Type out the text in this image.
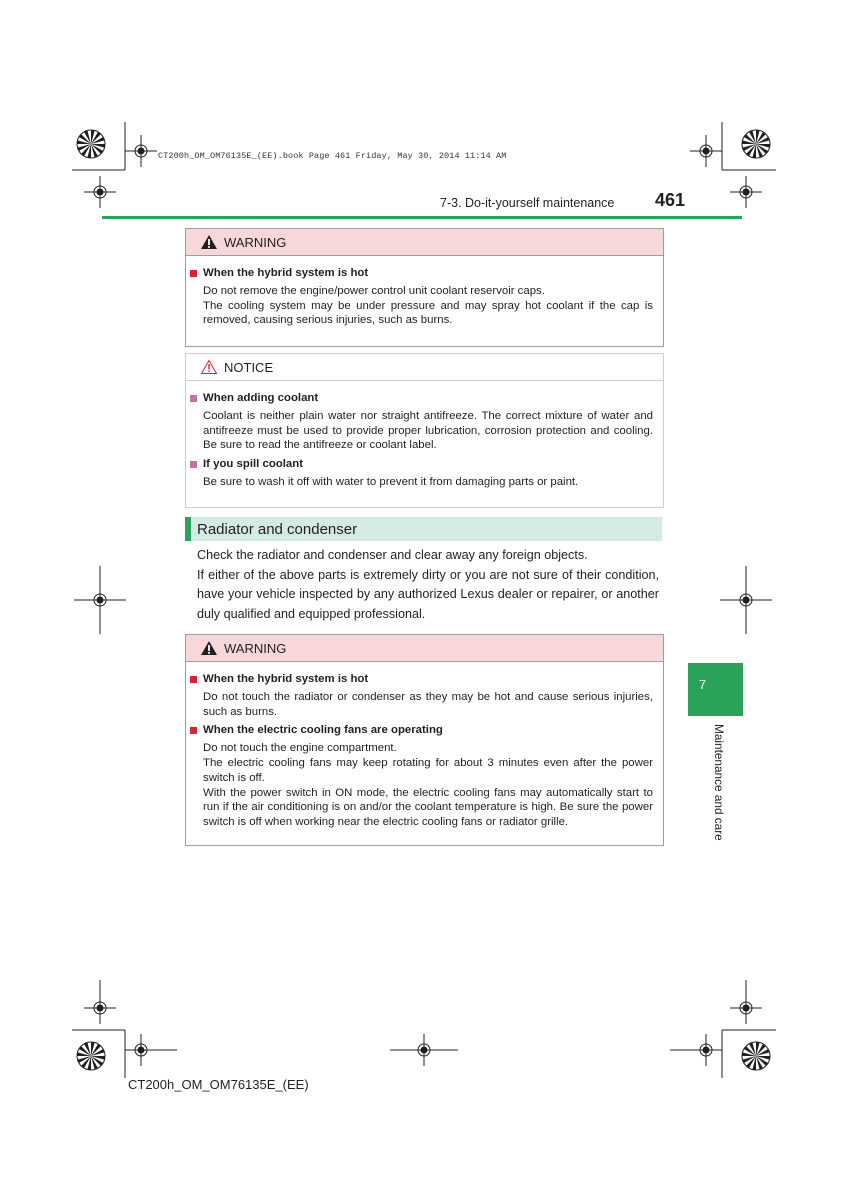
CT200h_OM_OM76135E_(EE).book Page 461 Friday, May 30, 2014 11:14 AM
7-3. Do-it-yourself maintenance 461
WARNING
When the hybrid system is hot

Do not remove the engine/power control unit coolant reservoir caps.

The cooling system may be under pressure and may spray hot coolant if the cap is removed, causing serious injuries, such as burns.

NOTICE
When adding coolant

Coolant is neither plain water nor straight antifreeze. The correct mixture of water and antifreeze must be used to provide proper lubrication, corrosion protection and cooling. Be sure to read the antifreeze or coolant label.

If you spill coolant

Be sure to wash it off with water to prevent it from damaging parts or paint.

Radiator and condenser

Check the radiator and condenser and clear away any foreign objects.

If either of the above parts is extremely dirty or you are not sure of their condition, have your vehicle inspected by any authorized Lexus dealer or repairer, or another duly qualified and equipped professional.

WARNING
When the hybrid system is hot

Do not touch the radiator or condenser as they may be hot and cause serious injuries, such as burns.

When the electric cooling fans are operating

Do not touch the engine compartment.

The electric cooling fans may keep rotating for about 3 minutes even after the power switch is off.

With the power switch in ON mode, the electric cooling fans may automatically start to run if the air conditioning is on and/or the coolant temperature is high. Be sure the power switch is off when working near the electric cooling fans or radiator grille.

7
Maintenance and care
CT200h_OM_OM76135E_(EE)
